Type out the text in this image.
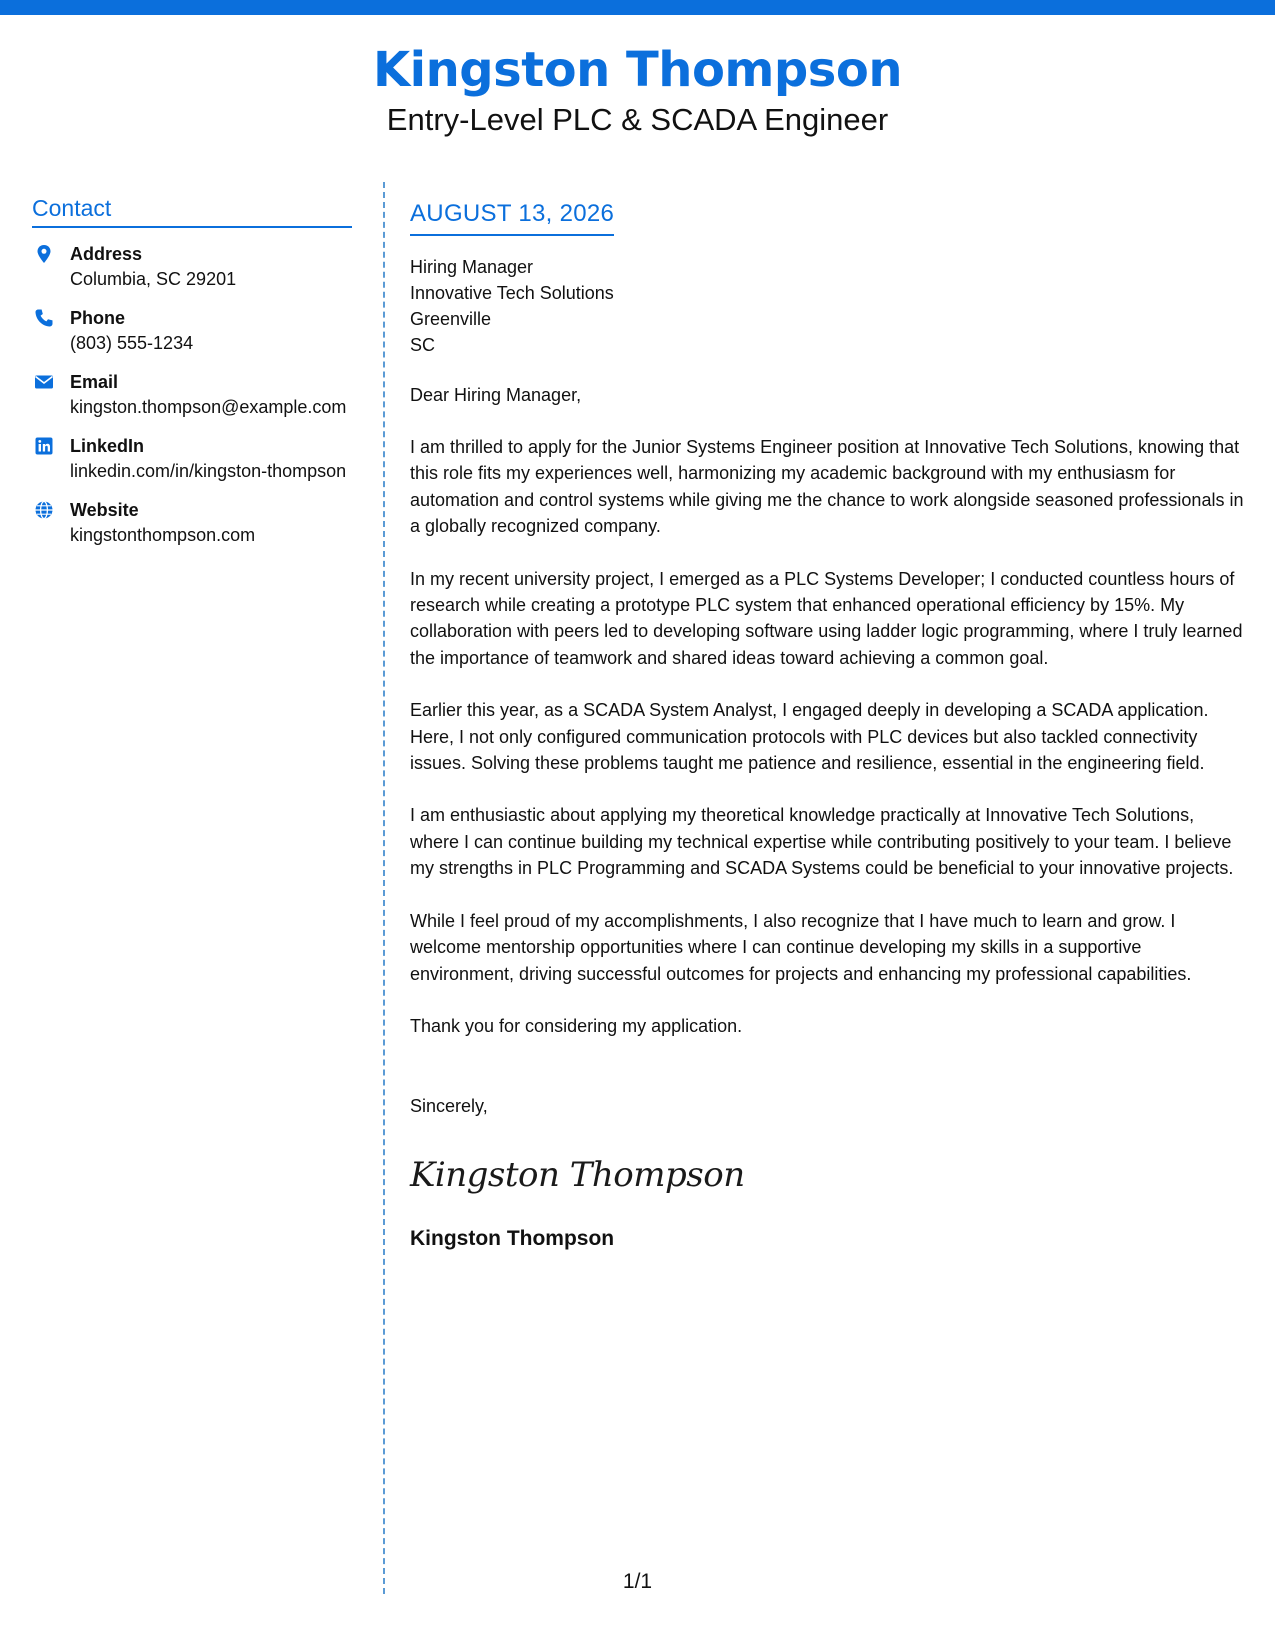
Kingston Thompson
Entry-Level PLC & SCADA Engineer
Contact
Address
Columbia, SC 29201
Phone
(803) 555-1234
Email
kingston.thompson@example.com
LinkedIn
linkedin.com/in/kingston-thompson
Website
kingstonthompson.com
AUGUST 13, 2026
Hiring Manager
Innovative Tech Solutions
Greenville
SC
Dear Hiring Manager,
I am thrilled to apply for the Junior Systems Engineer position at Innovative Tech Solutions, knowing that this role fits my experiences well, harmonizing my academic background with my enthusiasm for automation and control systems while giving me the chance to work alongside seasoned professionals in a globally recognized company.
In my recent university project, I emerged as a PLC Systems Developer; I conducted countless hours of research while creating a prototype PLC system that enhanced operational efficiency by 15%. My collaboration with peers led to developing software using ladder logic programming, where I truly learned the importance of teamwork and shared ideas toward achieving a common goal.
Earlier this year, as a SCADA System Analyst, I engaged deeply in developing a SCADA application. Here, I not only configured communication protocols with PLC devices but also tackled connectivity issues. Solving these problems taught me patience and resilience, essential in the engineering field.
I am enthusiastic about applying my theoretical knowledge practically at Innovative Tech Solutions, where I can continue building my technical expertise while contributing positively to your team. I believe my strengths in PLC Programming and SCADA Systems could be beneficial to your innovative projects.
While I feel proud of my accomplishments, I also recognize that I have much to learn and grow. I welcome mentorship opportunities where I can continue developing my skills in a supportive environment, driving successful outcomes for projects and enhancing my professional capabilities.
Thank you for considering my application.
Sincerely,
Kingston Thompson
Kingston Thompson
1/1
